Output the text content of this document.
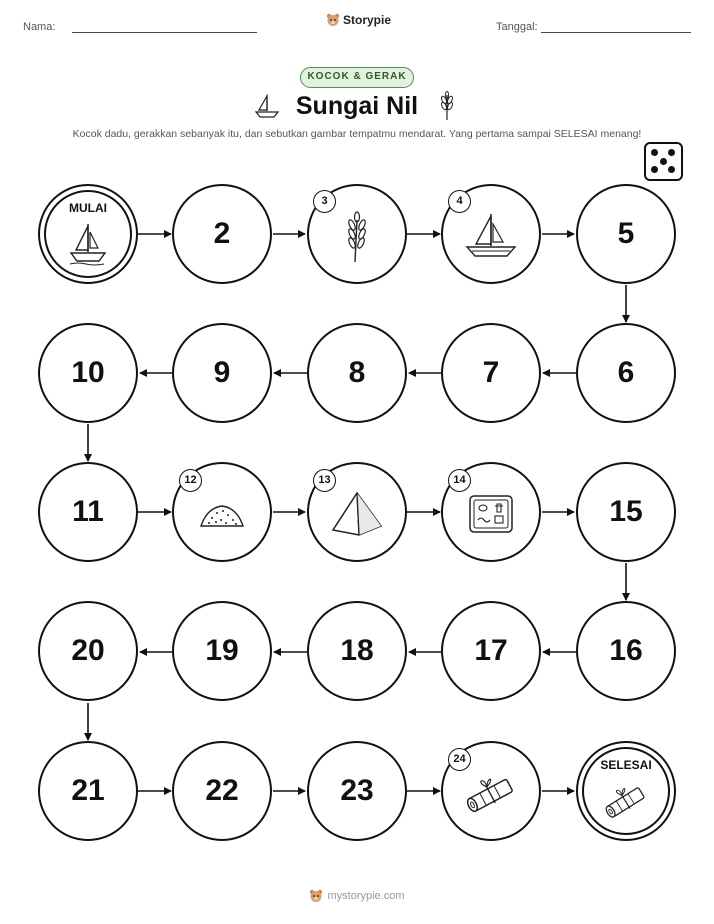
Nama:	Storypie	Tanggal:
KOCOK & GERAK
Sungai Nil
Kocok dadu, gerakkan sebanyak itu, dan sebutkan gambar tempatmu mendarat. Yang pertama sampai SELESAI menang!
MULAI
2
3	4
5
10	9	8	7	6
11
12	13	14
15
20	19	18	17	16
21	22	23
24	SELESAI
mystorypie.com
